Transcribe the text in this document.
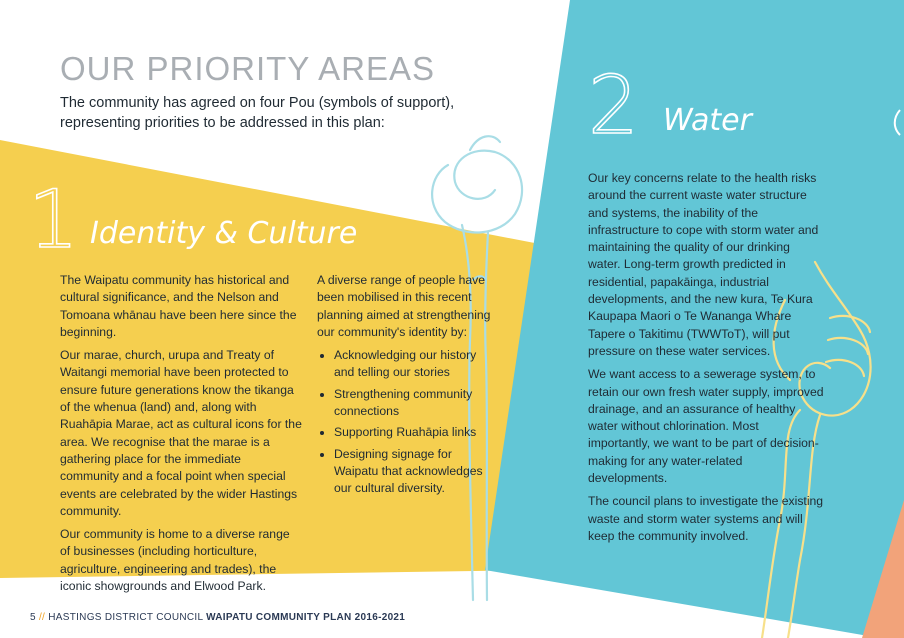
OUR PRIORITY AREAS
The community has agreed on four Pou (symbols of support), representing priorities to be addressed in this plan:
1 Identity & Culture

The Waipatu community has historical and cultural significance, and the Nelson and Tomoana whānau have been here since the beginning.

Our marae, church, urupa and Treaty of Waitangi memorial have been protected to ensure future generations know the tikanga of the whenua (land) and, along with Ruahāpia Marae, act as cultural icons for the area. We recognise that the marae is a gathering place for the immediate community and a focal point when special events are celebrated by the wider Hastings community.

Our community is home to a diverse range of businesses (including horticulture, agriculture, engineering and trades), the iconic showgrounds and Elwood Park.

A diverse range of people have been mobilised in this recent planning aimed at strengthening our community's identity by:

• Acknowledging our history and telling our stories
• Strengthening community connections
• Supporting Ruahāpia links
• Designing signage for Waipatu that acknowledges our cultural diversity.
2 Water

Our key concerns relate to the health risks around the current waste water structure and systems, the inability of the infrastructure to cope with storm water and maintaining the quality of our drinking water. Long-term growth predicted in residential, papakāinga, industrial developments, and the new kura, Te Kura Kaupapa Maori o Te Wananga Whare Tapere o Takitimu (TWWToT), will put pressure on these water services.

We want access to a sewerage system, to retain our own fresh water supply, improved drainage, and an assurance of healthy water without chlorination. Most importantly, we want to be part of decision-making for any water-related developments.

The council plans to investigate the existing waste and storm water systems and will keep the community involved.

5 // HASTINGS DISTRICT COUNCIL WAIPATU COMMUNITY PLAN 2016-2021
